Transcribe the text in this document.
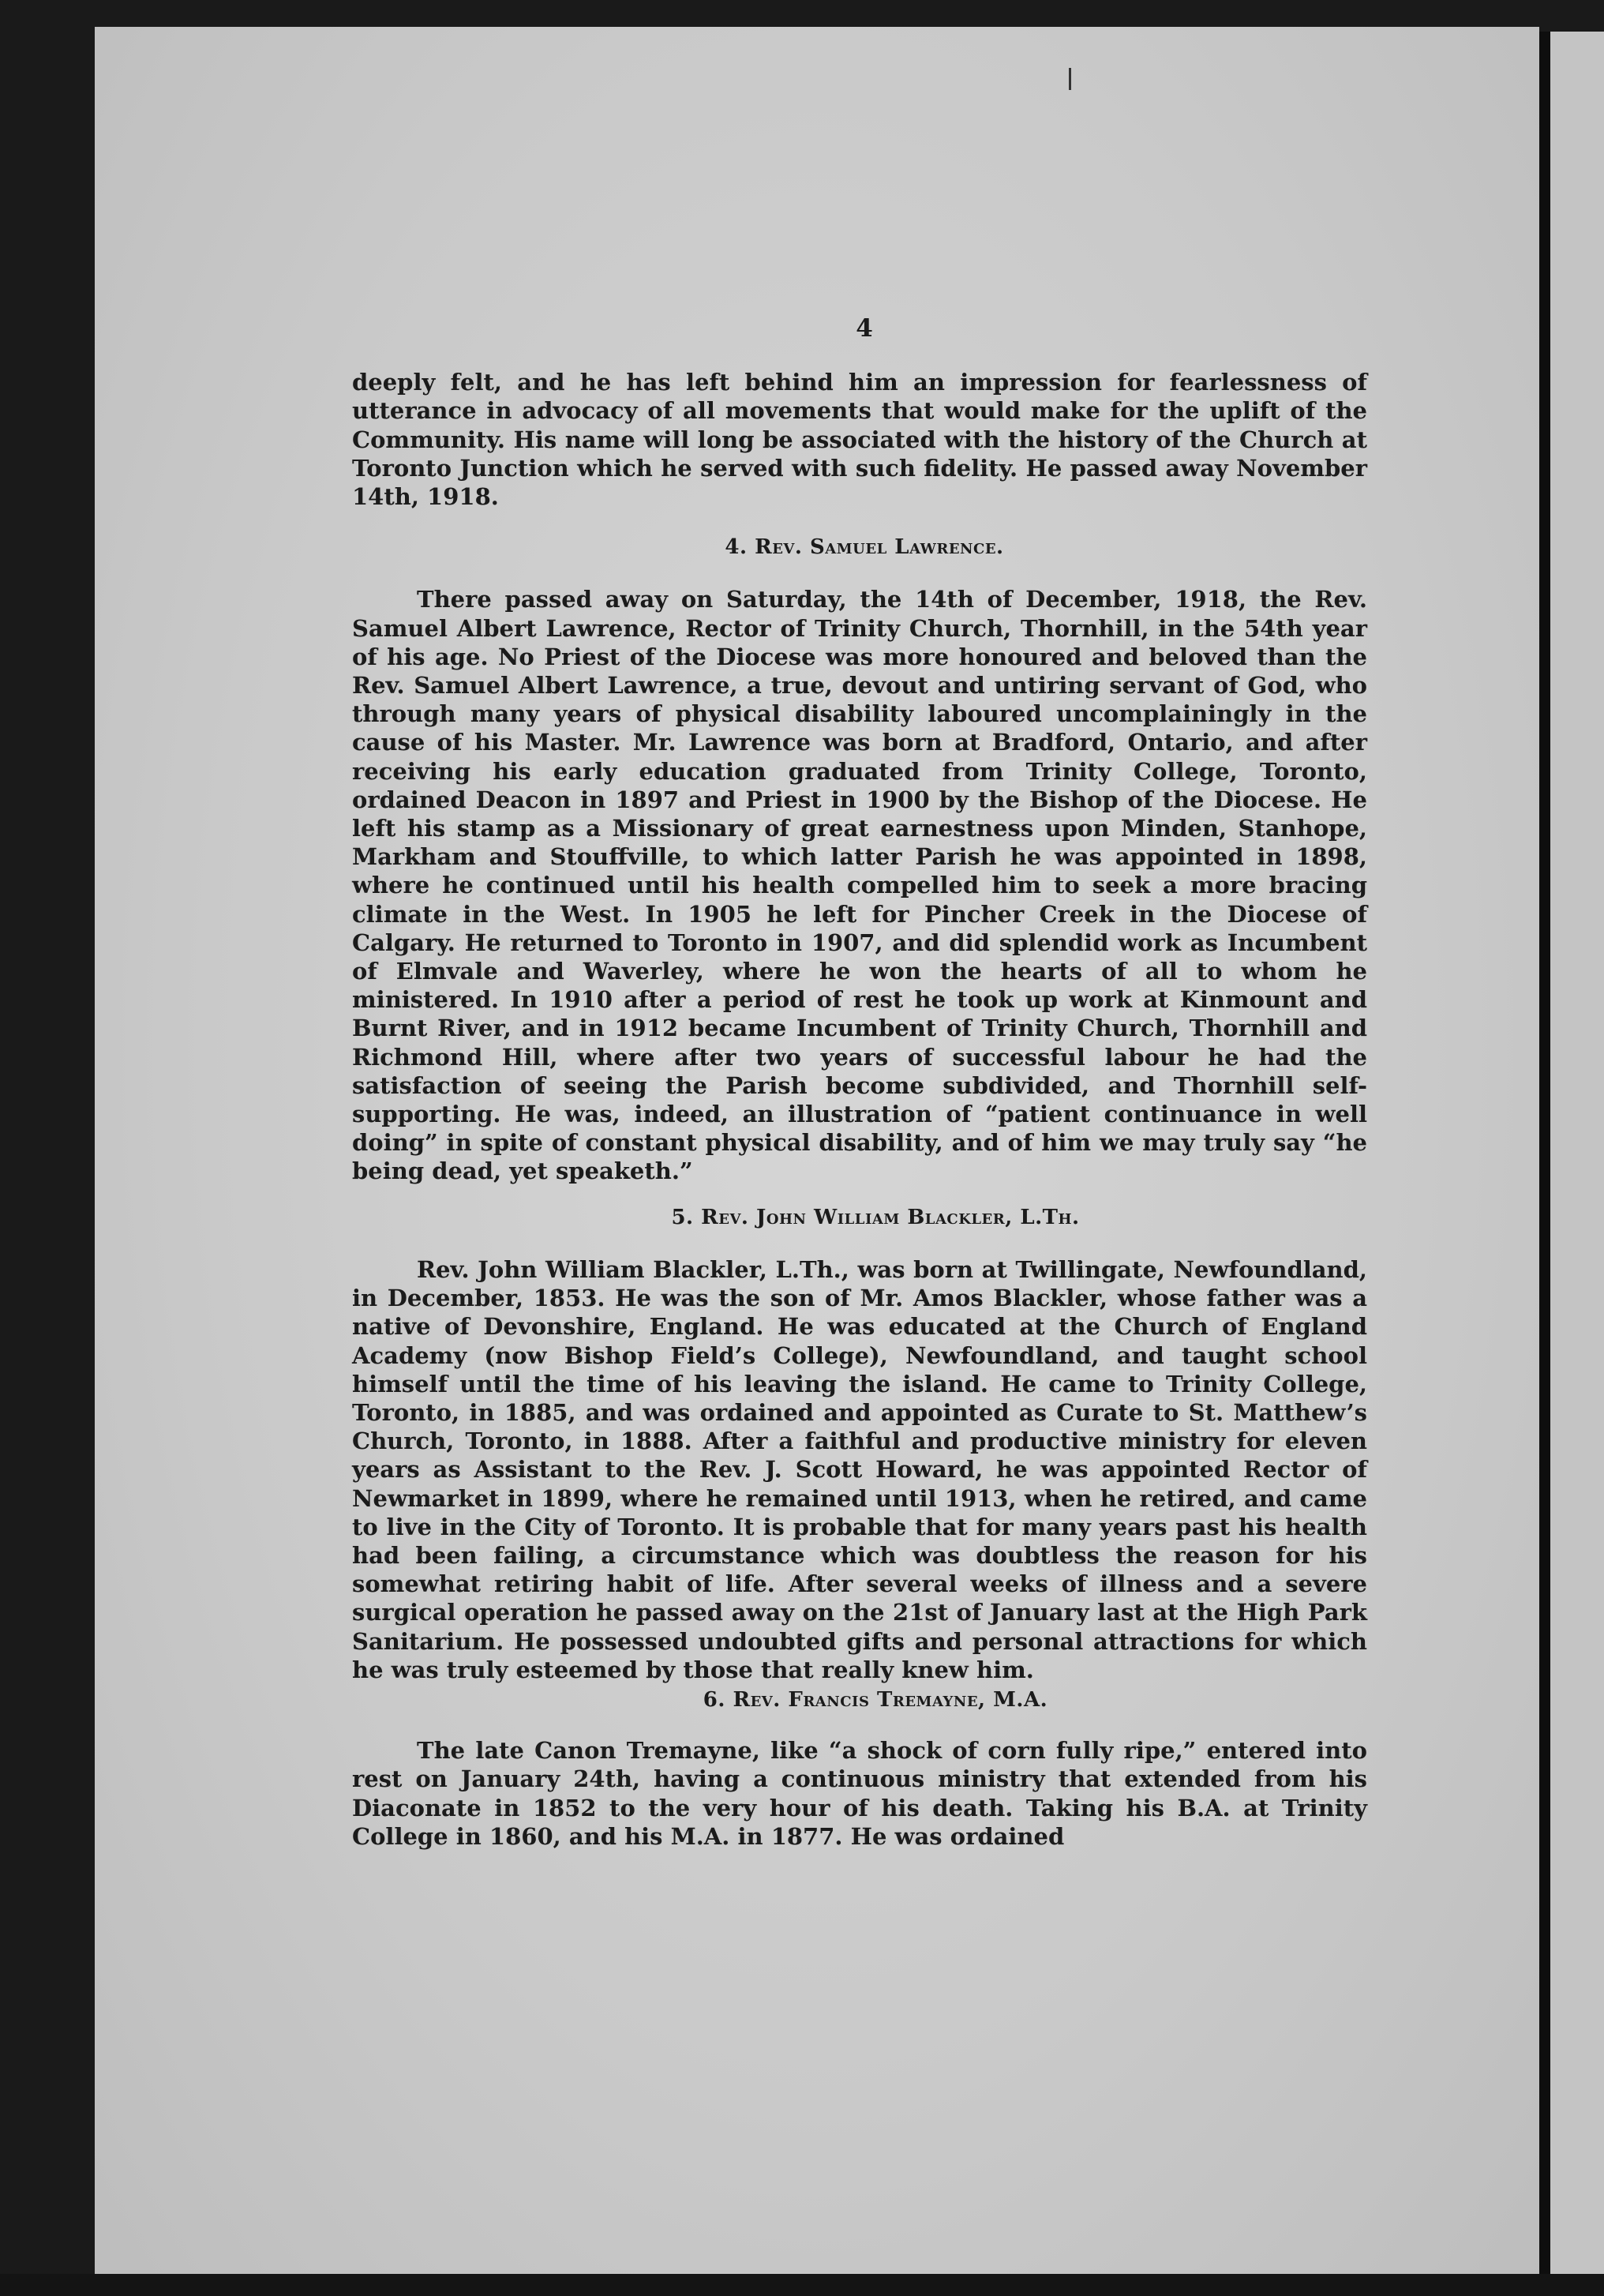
4

deeply felt, and he has left behind him an impression for fearlessness of utterance in advocacy of all movements that would make for the uplift of the Community. His name will long be associated with the history of the Church at Toronto Junction which he served with such fidelity. He passed away November 14th, 1918.

4. Rev. Samuel Lawrence.

There passed away on Saturday, the 14th of December, 1918, the Rev. Samuel Albert Lawrence, Rector of Trinity Church, Thornhill, in the 54th year of his age. No Priest of the Diocese was more honoured and beloved than the Rev. Samuel Albert Lawrence, a true, devout and untiring servant of God, who through many years of physical disability laboured uncomplainingly in the cause of his Master. Mr. Lawrence was born at Bradford, Ontario, and after receiving his early education graduated from Trinity College, Toronto, ordained Deacon in 1897 and Priest in 1900 by the Bishop of the Diocese. He left his stamp as a Missionary of great earnestness upon Minden, Stanhope, Markham and Stouffville, to which latter Parish he was appointed in 1898, where he continued until his health compelled him to seek a more bracing climate in the West. In 1905 he left for Pincher Creek in the Diocese of Calgary. He returned to Toronto in 1907, and did splendid work as Incumbent of Elmvale and Waverley, where he won the hearts of all to whom he ministered. In 1910 after a period of rest he took up work at Kinmount and Burnt River, and in 1912 became Incumbent of Trinity Church, Thornhill and Richmond Hill, where after two years of successful labour he had the satisfaction of seeing the Parish become subdivided, and Thornhill self-supporting. He was, indeed, an illustration of “patient continuance in well doing” in spite of constant physical disability, and of him we may truly say “he being dead, yet speaketh.”

5. Rev. John William Blackler, L.Th.

Rev. John William Blackler, L.Th., was born at Twillingate, Newfoundland, in December, 1853. He was the son of Mr. Amos Blackler, whose father was a native of Devonshire, England. He was educated at the Church of England Academy (now Bishop Field’s College), Newfoundland, and taught school himself until the time of his leaving the island. He came to Trinity College, Toronto, in 1885, and was ordained and appointed as Curate to St. Matthew’s Church, Toronto, in 1888. After a faithful and productive ministry for eleven years as Assistant to the Rev. J. Scott Howard, he was appointed Rector of Newmarket in 1899, where he remained until 1913, when he retired, and came to live in the City of Toronto. It is probable that for many years past his health had been failing, a circumstance which was doubtless the reason for his somewhat retiring habit of life. After several weeks of illness and a severe surgical operation he passed away on the 21st of January last at the High Park Sanitarium. He possessed undoubted gifts and personal attractions for which he was truly esteemed by those that really knew him.

6. Rev. Francis Tremayne, M.A.

The late Canon Tremayne, like “a shock of corn fully ripe,” entered into rest on January 24th, having a continuous ministry that extended from his Diaconate in 1852 to the very hour of his death. Taking his B.A. at Trinity College in 1860, and his M.A. in 1877. He was ordained
